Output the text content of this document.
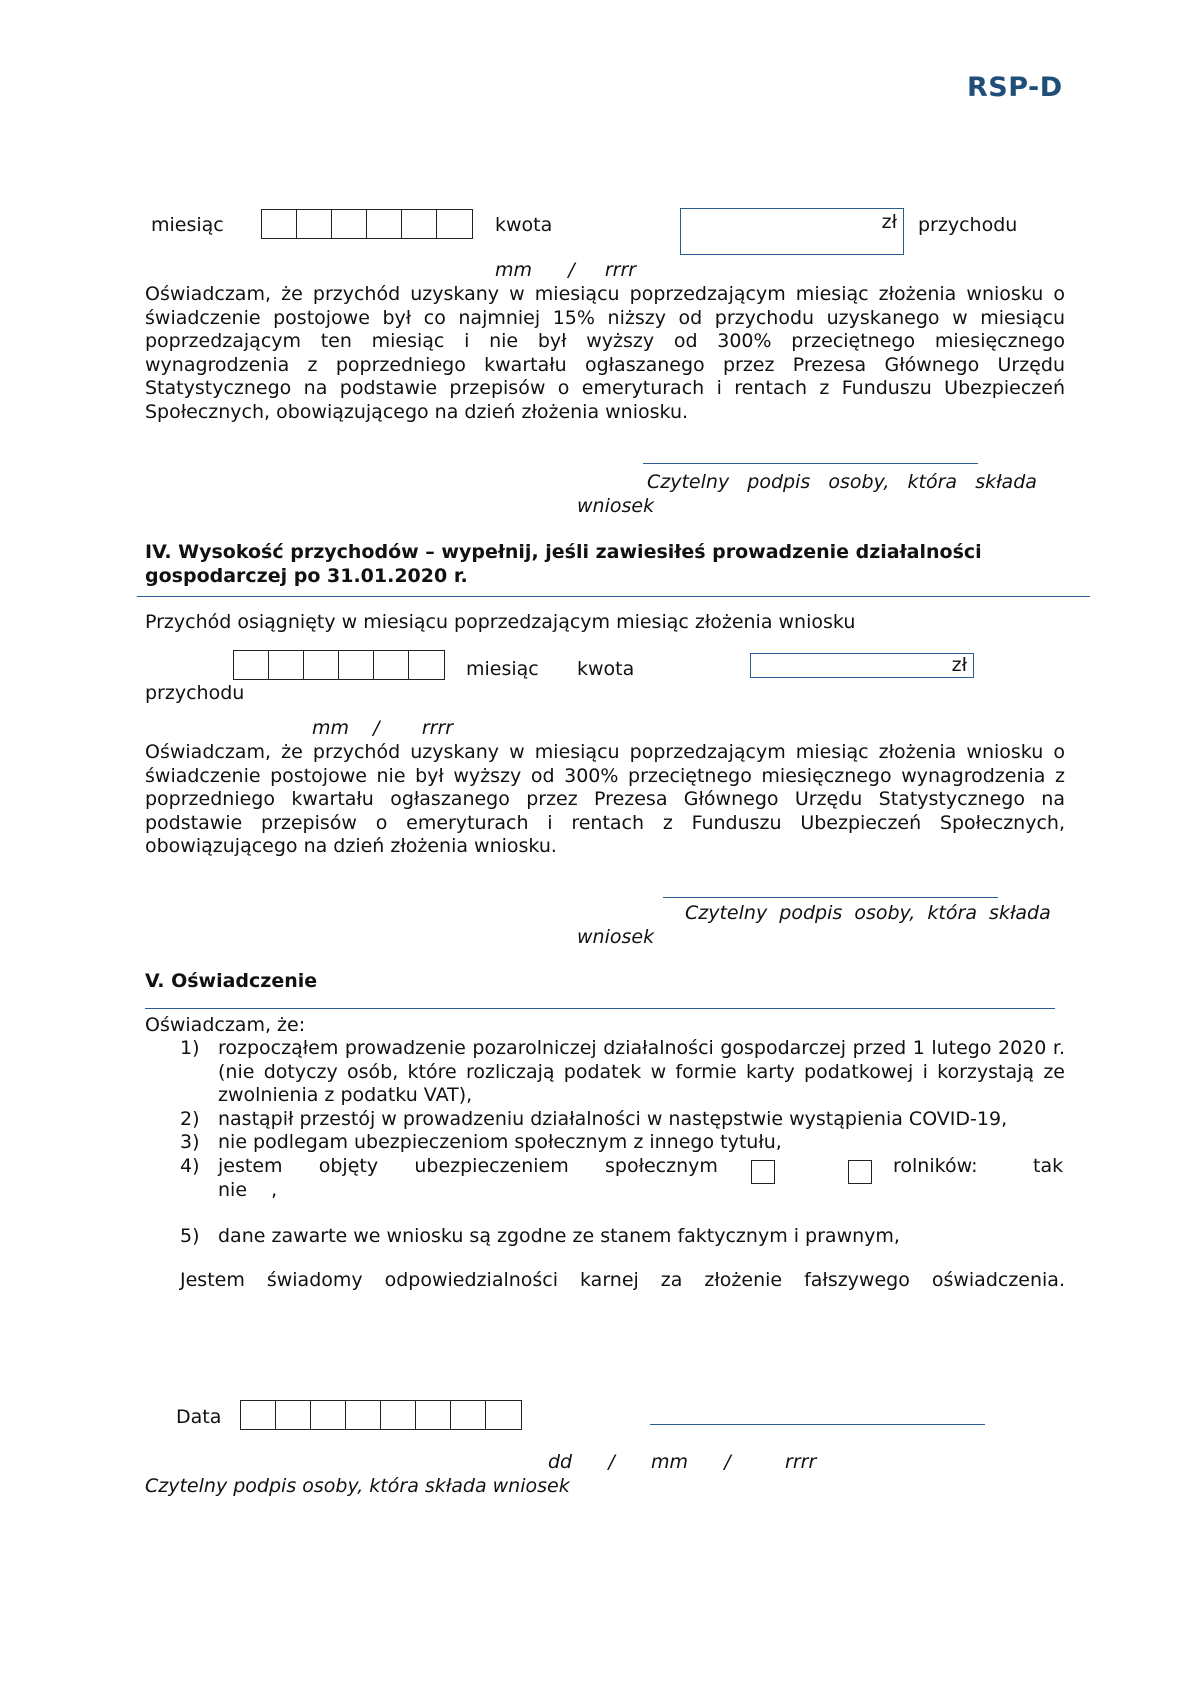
RSP-D
miesiąc	kwota	zł przychodu
mm      /     rrrr
Oświadczam, że przychód uzyskany w miesiącu poprzedzającym miesiąc złożenia wniosku o świadczenie postojowe był co najmniej 15% niższy od przychodu uzyskanego w miesiącu poprzedzającym ten miesiąc i nie był wyższy od 300% przeciętnego miesięcznego wynagrodzenia z poprzedniego kwartału ogłaszanego przez Prezesa Głównego Urzędu Statystycznego na podstawie przepisów o emeryturach i rentach z Funduszu Ubezpieczeń Społecznych, obowiązującego na dzień złożenia wniosku.
Czytelny   podpis   osoby,   która   składa
wniosek
IV. Wysokość przychodów – wypełnij, jeśli zawiesiłeś prowadzenie działalności gospodarczej po 31.01.2020 r.
Przychód osiągnięty w miesiącu poprzedzającym miesiąc złożenia wniosku
miesiąc kwota	zł
przychodu
mm    /       rrrr
Oświadczam, że przychód uzyskany w miesiącu poprzedzającym miesiąc złożenia wniosku o świadczenie postojowe nie był wyższy od 300% przeciętnego miesięcznego wynagrodzenia z poprzedniego kwartału ogłaszanego przez Prezesa Głównego Urzędu Statystycznego na podstawie przepisów o emeryturach i rentach z Funduszu Ubezpieczeń Społecznych, obowiązującego na dzień złożenia wniosku.
Czytelny  podpis  osoby,  która  składa
wniosek
V. Oświadczenie
Oświadczam, że:
1) rozpocząłem prowadzenie pozarolniczej działalności gospodarczej przed 1 lutego 2020 r. (nie dotyczy osób, które rozliczają podatek w formie karty podatkowej i korzystają ze zwolnienia z podatku VAT),
2) nastąpił przestój w prowadzeniu działalności w następstwie wystąpienia COVID-19,
3) nie podlegam ubezpieczeniom społecznym z innego tytułu,
4) jestem      objęty      ubezpieczeniem      społecznym	rolników:	tak
nie    ,
5) dane zawarte we wniosku są zgodne ze stanem faktycznym i prawnym,
Jestem świadomy odpowiedzialności karnej za złożenie fałszywego oświadczenia.
Data
dd      /      mm      /         rrrr
Czytelny podpis osoby, która składa wniosek
